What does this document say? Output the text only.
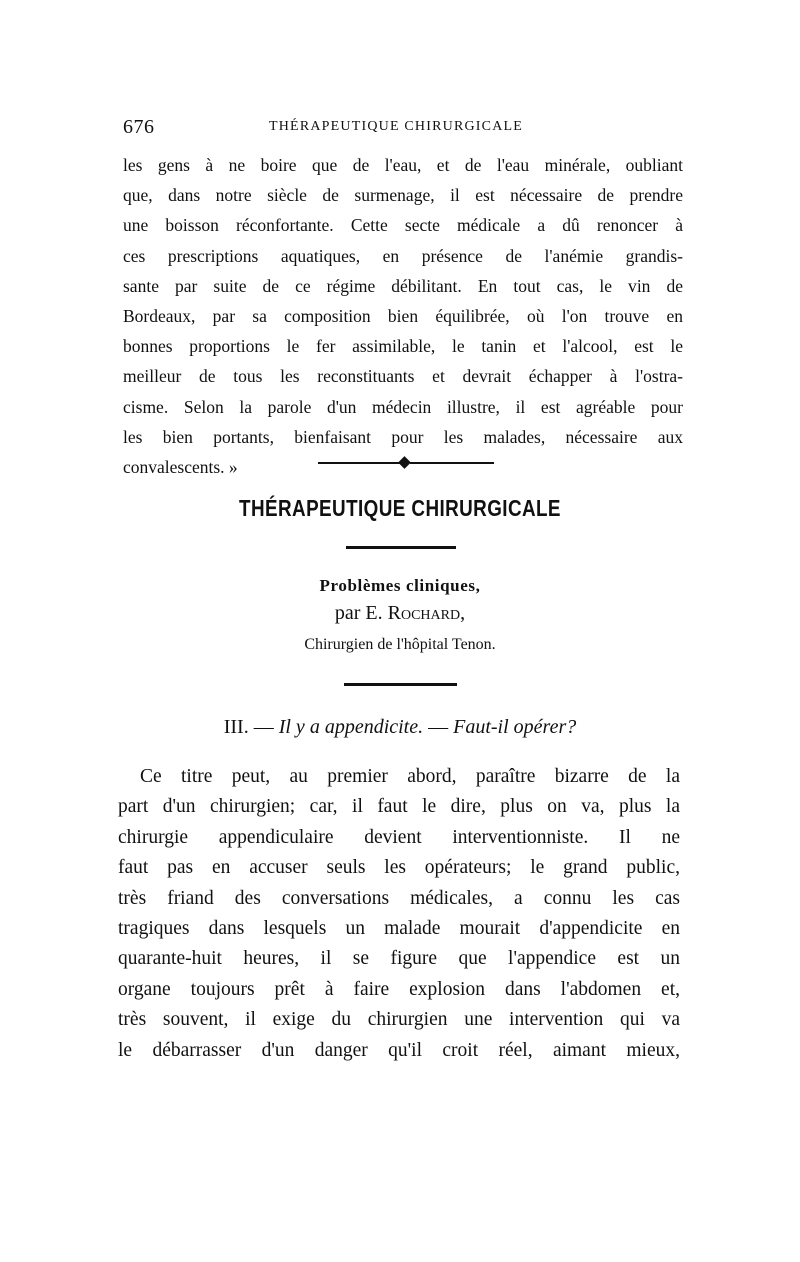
676	THÉRAPEUTIQUE CHIRURGICALE
les gens à ne boire que de l'eau, et de l'eau minérale, oubliant
que, dans notre siècle de surmenage, il est nécessaire de prendre
une boisson réconfortante. Cette secte médicale a dû renoncer à
ces prescriptions aquatiques, en présence de l'anémie grandis-
sante par suite de ce régime débilitant. En tout cas, le vin de
Bordeaux, par sa composition bien équilibrée, où l'on trouve en
bonnes proportions le fer assimilable, le tanin et l'alcool, est le
meilleur de tous les reconstituants et devrait échapper à l'ostra-
cisme. Selon la parole d'un médecin illustre, il est agréable pour
les bien portants, bienfaisant pour les malades, nécessaire aux
convalescents. »
THÉRAPEUTIQUE CHIRURGICALE
Problèmes cliniques,
par E. Rochard,
Chirurgien de l'hôpital Tenon.
III. — Il y a appendicite. — Faut-il opérer?
Ce titre peut, au premier abord, paraître bizarre de la
part d'un chirurgien; car, il faut le dire, plus on va, plus la
chirurgie appendiculaire devient interventionniste. Il ne
faut pas en accuser seuls les opérateurs; le grand public,
très friand des conversations médicales, a connu les cas
tragiques dans lesquels un malade mourait d'appendicite en
quarante-huit heures, il se figure que l'appendice est un
organe toujours prêt à faire explosion dans l'abdomen et,
très souvent, il exige du chirurgien une intervention qui va
le débarrasser d'un danger qu'il croit réel, aimant mieux,
